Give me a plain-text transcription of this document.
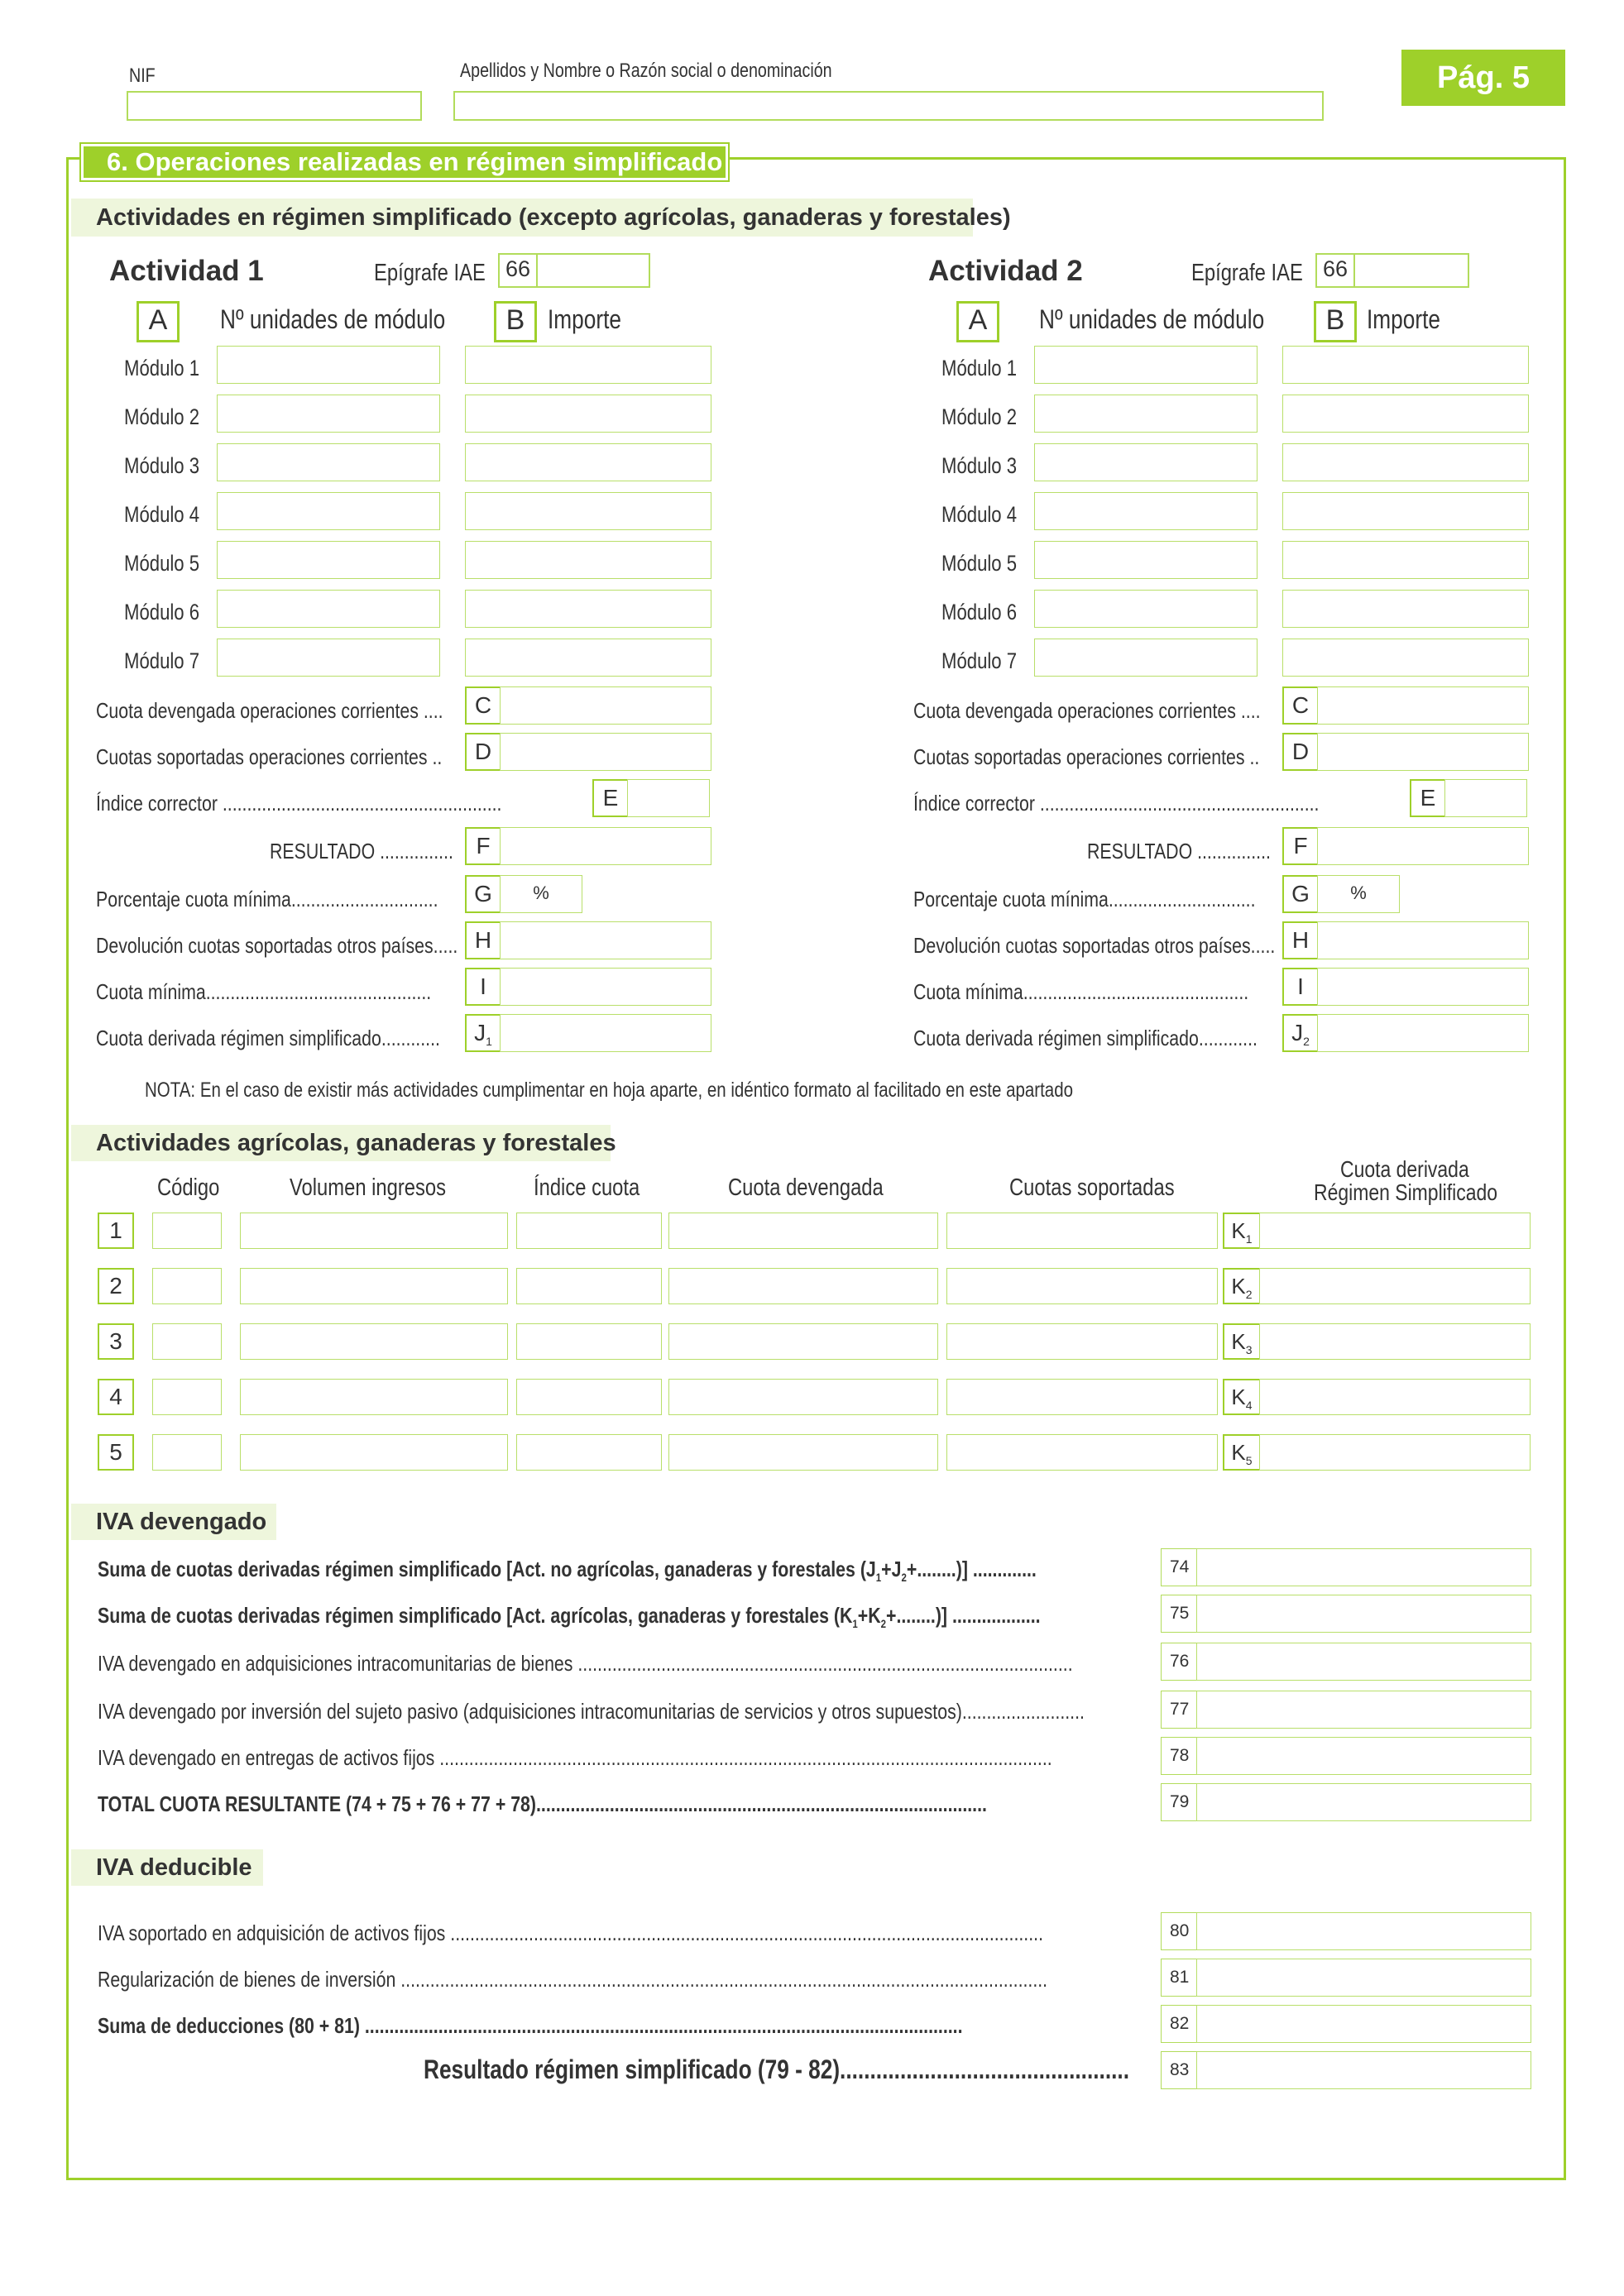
NIF	Apellidos y Nombre o Razón social o denominación	Pág. 5
6. Operaciones realizadas en régimen simplificado
Actividades en régimen simplificado (excepto agrícolas, ganaderas y forestales)
Actividad 1	Epígrafe IAE 66
A	Nº unidades de módulo	B Importe
Módulo 1
Módulo 2
Módulo 3
Módulo 4
Módulo 5
Módulo 6
Módulo 7
Cuota devengada operaciones corrientes ....	C
Cuotas soportadas operaciones corrientes ..	D
Índice corrector .........................................................	E
RESULTADO ............... F
Porcentaje cuota mínima..............................	G	%
Devolución cuotas soportadas otros países..... H
Cuota mínima..............................................	I
Cuota derivada régimen simplificado............	$J_1$
Actividad 2	Epígrafe IAE 66
A	Nº unidades de módulo	B Importe
Módulo 1
Módulo 2
Módulo 3
Módulo 4
Módulo 5
Módulo 6
Módulo 7
Cuota devengada operaciones corrientes ....	C
Cuotas soportadas operaciones corrientes ..	D
Índice corrector .........................................................	E
RESULTADO ............... F
Porcentaje cuota mínima..............................	G	%
Devolución cuotas soportadas otros países..... H
Cuota mínima..............................................	I
Cuota derivada régimen simplificado............	$J_2$
NOTA: En el caso de existir más actividades cumplimentar en hoja aparte, en idéntico formato al facilitado en este apartado
Actividades agrícolas, ganaderas y forestales
Código	Volumen ingresos	Índice cuota	Cuota devengada	Cuotas soportadas
Cuota derivada
Régimen Simplificado
1	$K_1$
2	$K_2$
3	$K_3$
4	$K_4$
5	$K_5$
IVA devengado
Suma de cuotas derivadas régimen simplificado [Act. no agrícolas, ganaderas y forestales $(J_1+J_2+........)$] .............	74
Suma de cuotas derivadas régimen simplificado [Act. agrícolas, ganaderas y forestales $(K_1+K_2+........)$] ..................	75
IVA devengado en adquisiciones intracomunitarias de bienes .....................................................................................................	76
IVA devengado por inversión del sujeto pasivo (adquisiciones intracomunitarias de servicios y otros supuestos).........................	77
IVA devengado en entregas de activos fijos .............................................................................................................................	78
TOTAL CUOTA RESULTANTE (74 + 75 + 76 + 77 + 78)............................................................................................	79
IVA deducible
IVA soportado en adquisición de activos fijos .........................................................................................................................	80
Regularización de bienes de inversión ....................................................................................................................................	81
Suma de deducciones (80 + 81) ..........................................................................................................................	82
Resultado régimen simplificado (79 - 82)................................................	83
